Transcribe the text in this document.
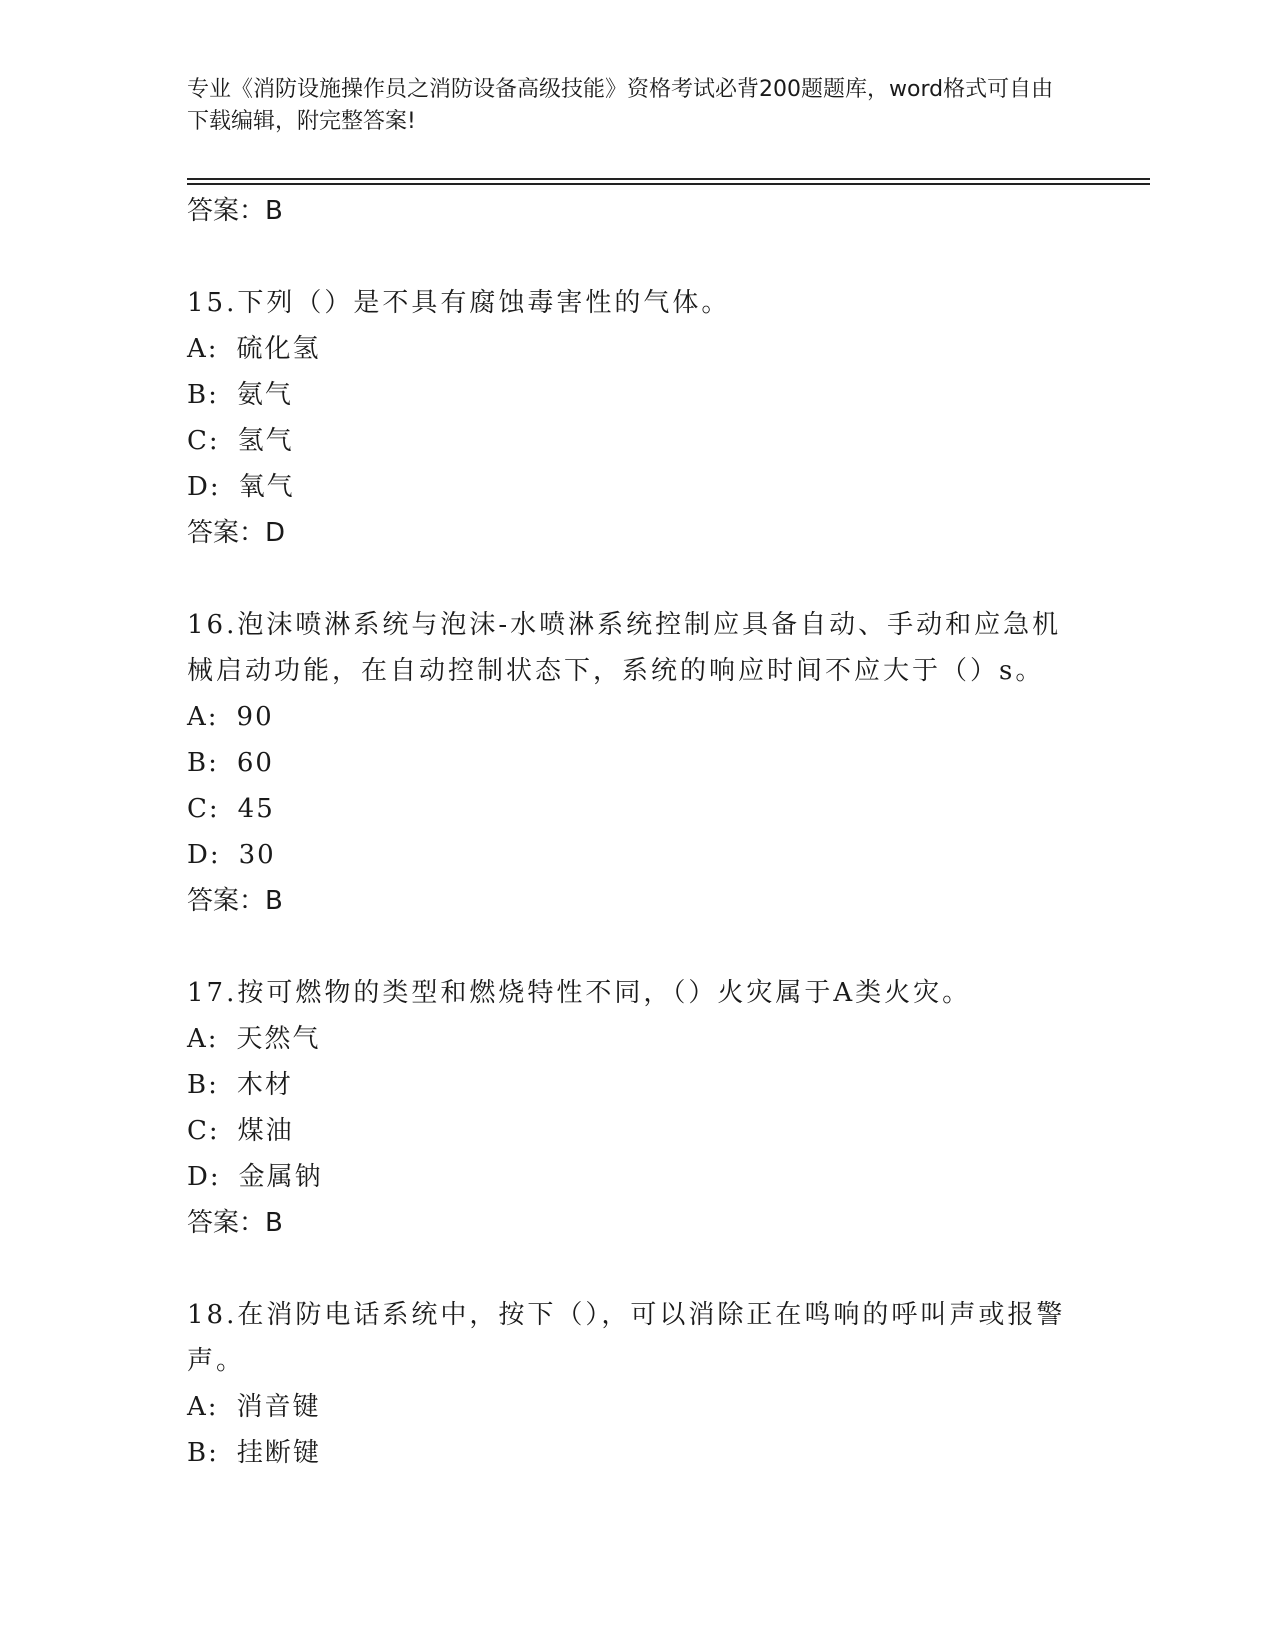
专业《消防设施操作员之消防设备高级技能》资格考试必背200题题库，word格式可自由下载编辑，附完整答案!

答案：B

15.下列（）是不具有腐蚀毒害性的气体。

A: 硫化氢

B: 氨气

C: 氢气

D: 氧气

答案：D

16.泡沫喷淋系统与泡沫-水喷淋系统控制应具备自动、手动和应急机械启动功能，在自动控制状态下，系统的响应时间不应大于（）s。

A: 90

B: 60

C: 45

D: 30

答案：B

17.按可燃物的类型和燃烧特性不同，（）火灾属于A类火灾。

A: 天然气

B: 木材

C: 煤油

D: 金属钠

答案：B

18.在消防电话系统中，按下（），可以消除正在鸣响的呼叫声或报警声。

A: 消音键

B: 挂断键
